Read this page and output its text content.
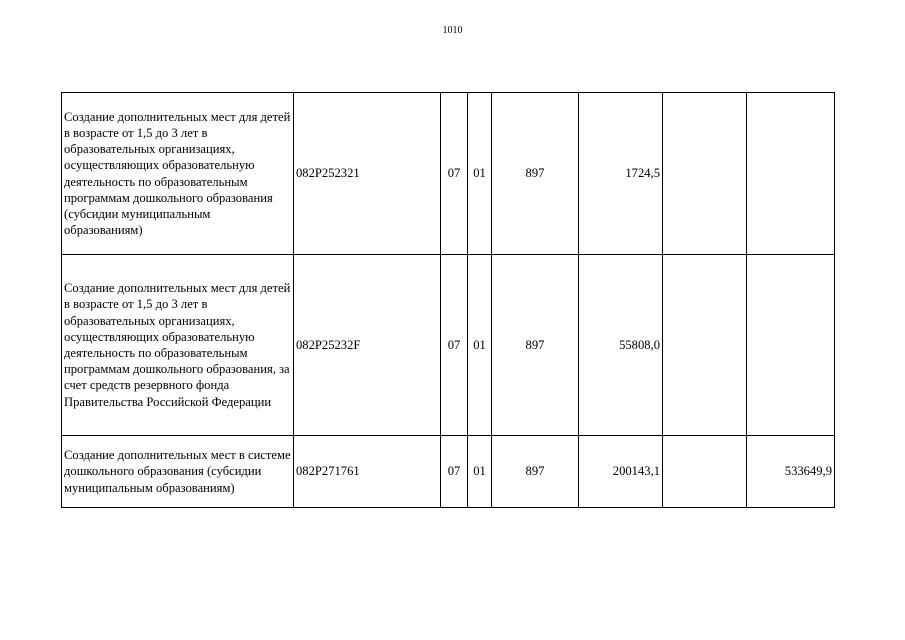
1010
Создание дополнительных мест для детей в возрасте от 1,5 до 3 лет в образовательных организациях, осуществляющих образовательную деятельность по образовательным программам дошкольного образования (субсидии муниципальным образованиям)	082P252321	07	01	897	1724,5		
Создание дополнительных мест для детей в возрасте от 1,5 до 3 лет в образовательных организациях, осуществляющих образовательную деятельность по образовательным программам дошкольного образования, за счет средств резервного фонда Правительства Российской Федерации	082P25232F	07	01	897	55808,0		
Создание дополнительных мест в системе дошкольного образования (субсидии муниципальным образованиям)	082P271761	07	01	897	200143,1		533649,9
